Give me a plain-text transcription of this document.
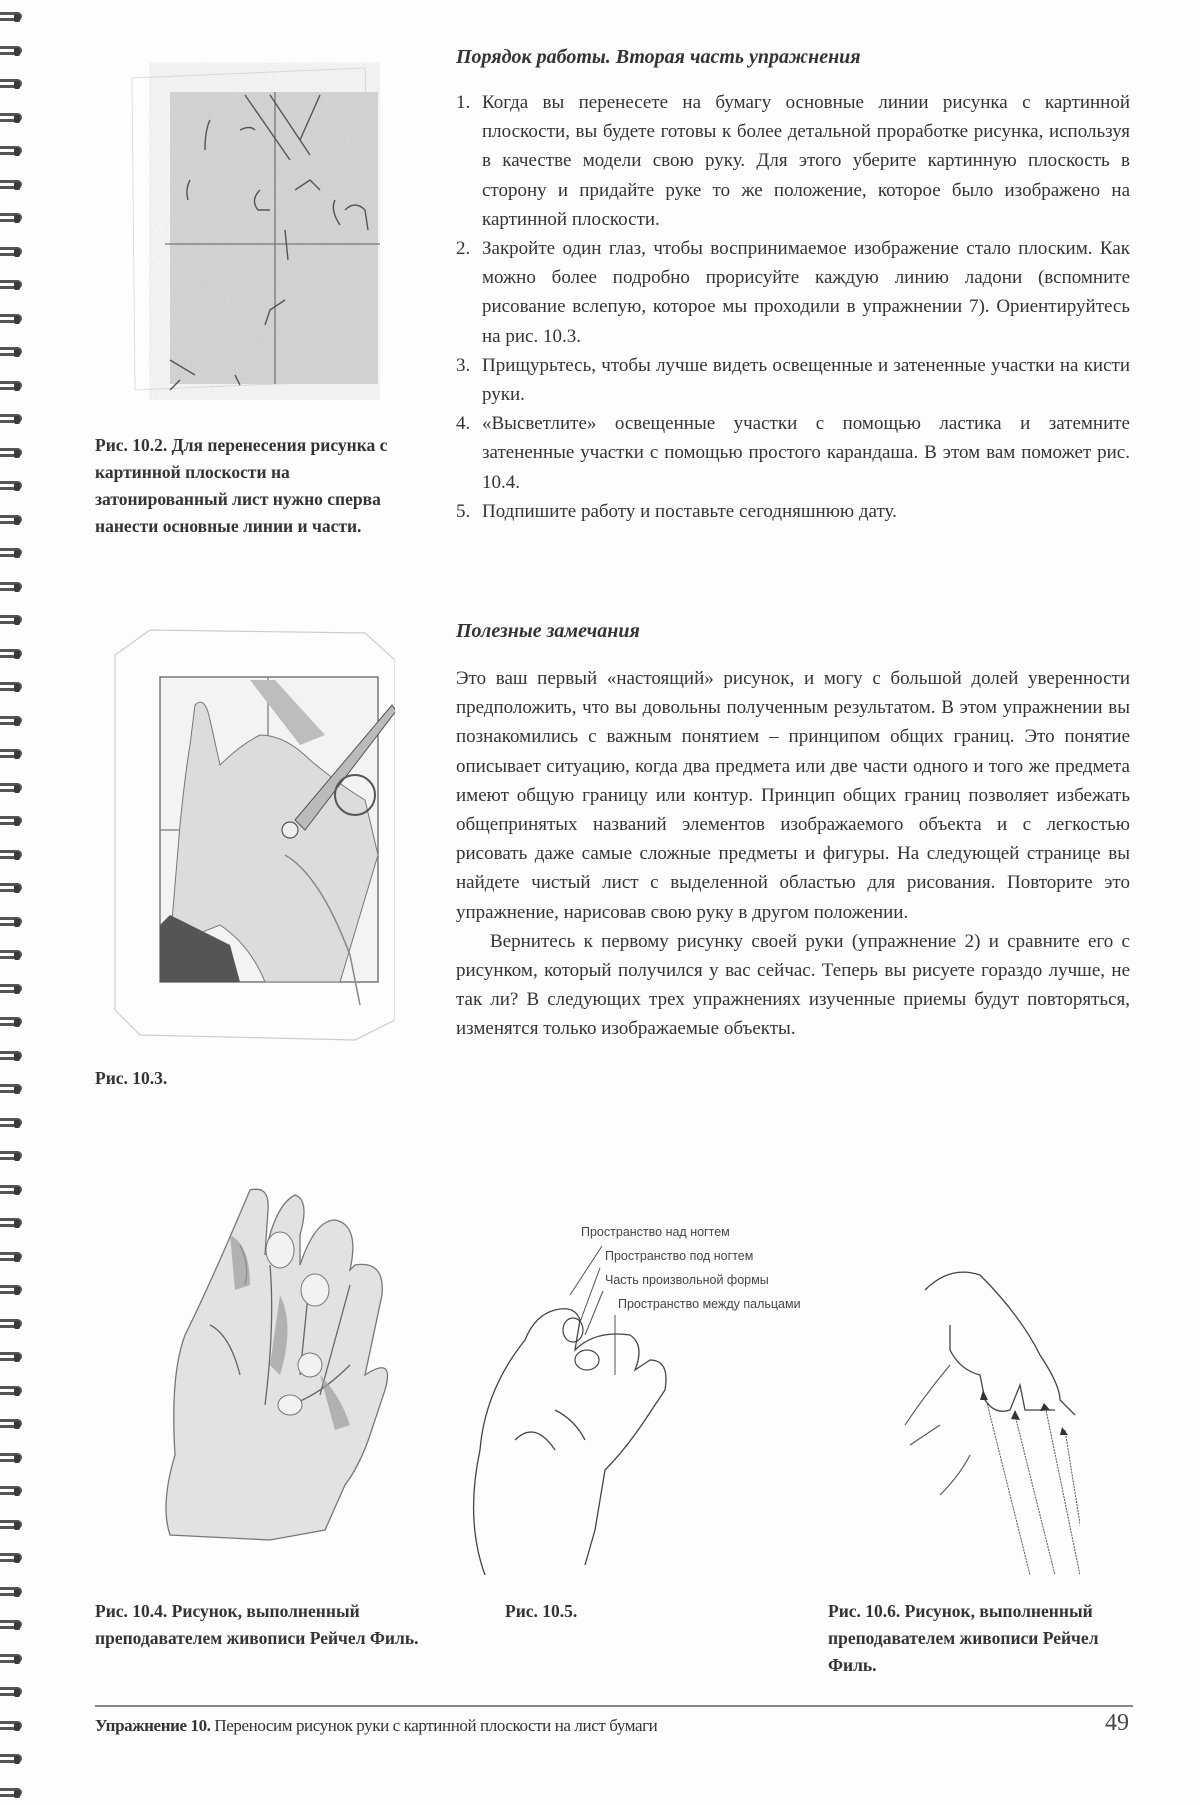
Порядок работы. Вторая часть упражнения
1. Когда вы перенесете на бумагу основные линии рисунка с картинной плоскости, вы будете готовы к более детальной проработке рисунка, используя в качестве модели свою руку. Для этого уберите картинную плоскость в сторону и придайте руке то же положение, которое было изображено на картинной плоскости.
2. Закройте один глаз, чтобы воспринимаемое изображение стало плоским. Как можно более подробно прорисуйте каждую линию ладони (вспомните рисование вслепую, которое мы проходили в упражнении 7). Ориентируйтесь на рис. 10.3.
3. Прищурьтесь, чтобы лучше видеть освещенные и затененные участки на кисти руки.
4. «Высветлите» освещенные участки с помощью ластика и затемните затененные участки с помощью простого карандаша. В этом вам поможет рис. 10.4.
5. Подпишите работу и поставьте сегодняшнюю дату.
Полезные замечания

Это ваш первый «настоящий» рисунок, и могу с большой долей уверенности предположить, что вы довольны полученным результатом. В этом упражнении вы познакомились с важным понятием – принципом общих границ. Это понятие описывает ситуацию, когда два предмета или две части одного и того же предмета имеют общую границу или контур. Принцип общих границ позволяет избежать общепринятых названий элементов изображаемого объекта и с легкостью рисовать даже самые сложные предметы и фигуры. На следующей странице вы найдете чистый лист с выделенной областью для рисования. Повторите это упражнение, нарисовав свою руку в другом положении.

Вернитесь к первому рисунку своей руки (упражнение 2) и сравните его с рисунком, который получился у вас сейчас. Теперь вы рисуете гораздо лучше, не так ли? В следующих трех упражнениях изученные приемы будут повторяться, изменятся только изображаемые объекты.

Рис. 10.2. Для перенесения рисунка с картинной плоскости на затонированный лист нужно сперва нанести основные линии и части.
Рис. 10.3.
Рис. 10.4. Рисунок, выполненный преподавателем живописи Рейчел Филь.
Пространство над ногтем
Пространство под ногтем
Часть произвольной формы
Пространство между пальцами
Рис. 10.5.	Рис. 10.6. Рисунок, выполненный преподавателем живописи Рейчел Филь.
Упражнение 10. Переносим рисунок руки с картинной плоскости на лист бумаги	49
